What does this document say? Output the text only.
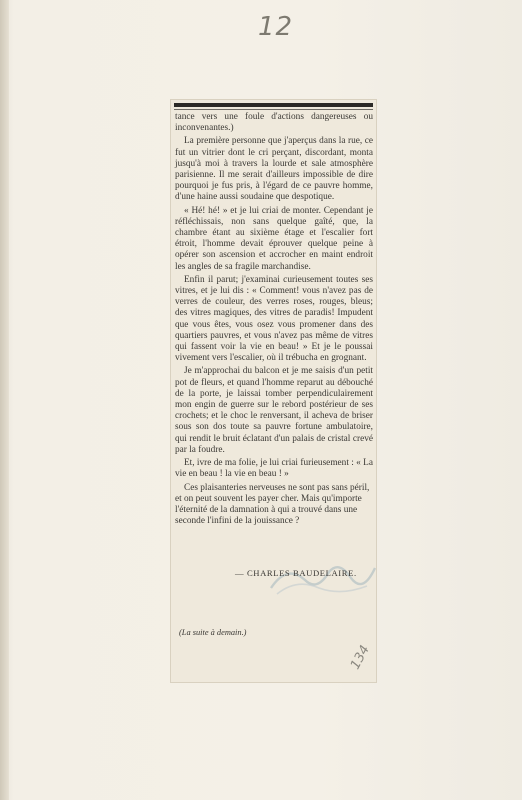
12

tance vers une foule d'actions dangereuses ou inconvenantes.)

La première personne que j'aperçus dans la rue, ce fut un vitrier dont le cri perçant, discordant, monta jusqu'à moi à travers la lourde et sale atmosphère parisienne. Il me serait d'ailleurs impossible de dire pourquoi je fus pris, à l'égard de ce pauvre homme, d'une haine aussi soudaine que despotique.

« Hé! hé! » et je lui criai de monter. Cependant je réfléchissais, non sans quelque gaîté, que, la chambre étant au sixième étage et l'escalier fort étroit, l'homme devait éprouver quelque peine à opérer son ascension et accrocher en maint endroit les angles de sa fragile marchandise.

Enfin il parut; j'examinai curieusement toutes ses vitres, et je lui dis : « Comment! vous n'avez pas de verres de couleur, des verres roses, rouges, bleus; des vitres magiques, des vitres de paradis! Impudent que vous êtes, vous osez vous promener dans des quartiers pauvres, et vous n'avez pas même de vitres qui fassent voir la vie en beau! » Et je le poussai vivement vers l'escalier, où il trébucha en grognant.

Je m'approchai du balcon et je me saisis d'un petit pot de fleurs, et quand l'homme reparut au débouché de la porte, je laissai tomber perpendiculairement mon engin de guerre sur le rebord postérieur de ses crochets; et le choc le renversant, il acheva de briser sous son dos toute sa pauvre fortune ambulatoire, qui rendit le bruit éclatant d'un palais de cristal crevé par la foudre.

Et, ivre de ma folie, je lui criai furieusement : « La vie en beau ! la vie en beau ! »

Ces plaisanteries nerveuses ne sont pas sans péril, et on peut souvent les payer cher. Mais qu'importe l'éternité de la damnation à qui a trouvé dans une seconde l'infini de la jouissance ?

— CHARLES BAUDELAIRE.
(La suite à demain.)
134
